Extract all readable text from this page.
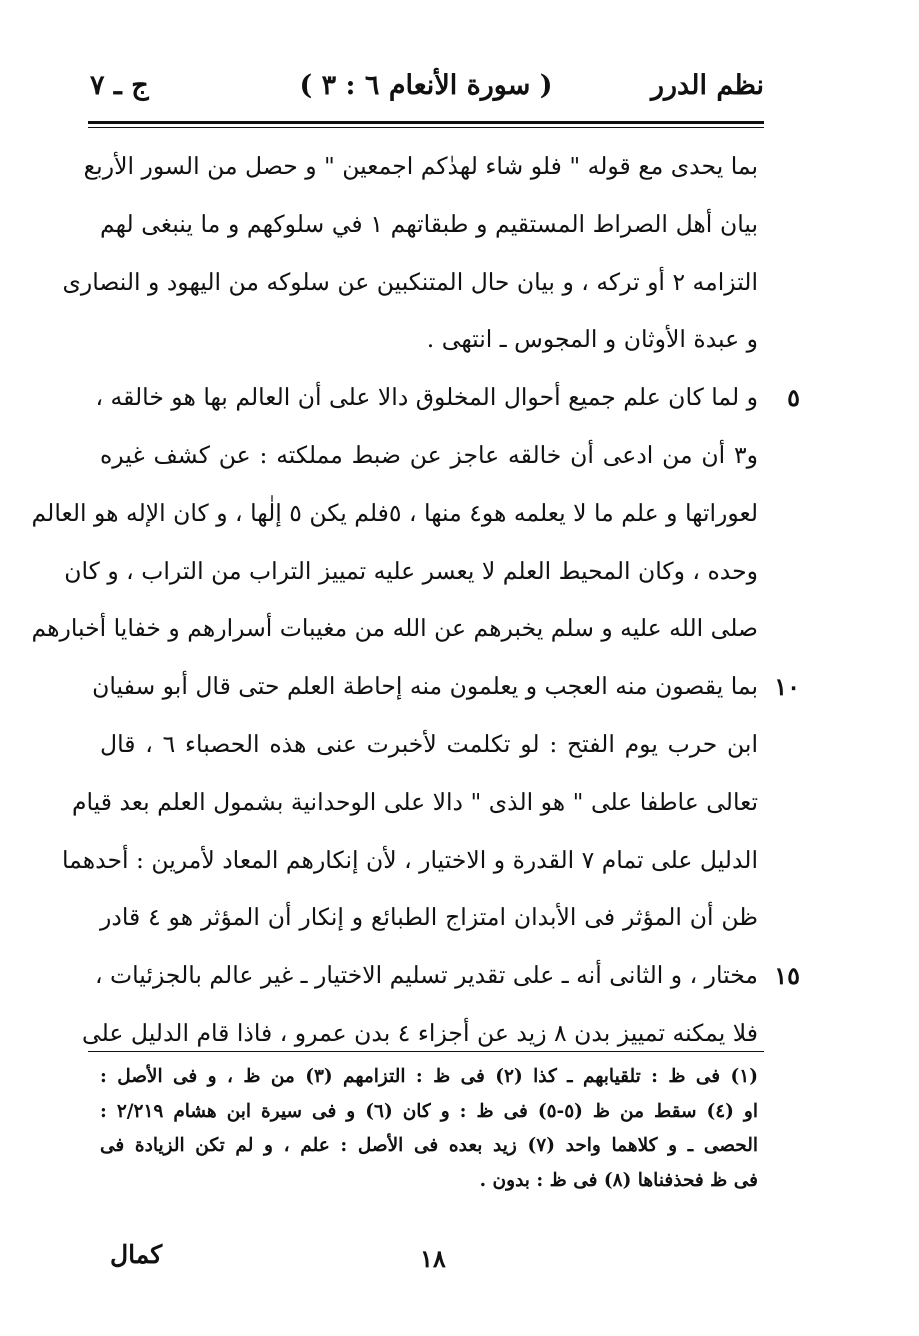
نظم الدرر
( سورة الأنعام ٦ : ٣ )
ج ـ ٧
بما يحدى مع قوله " فلو شاء لهدٰكم اجمعين " و حصل من السور الأربع
بيان أهل الصراط المستقيم و طبقاتهم ١ في سلوكهم و ما ينبغى لهم
التزامه ٢ أو تركه ، و بيان حال المتنكبين عن سلوكه من اليهود و النصارى
و عبدة الأوثان و المجوس ـ انتهى .
٥
و لما كان علم جميع أحوال المخلوق دالا على أن العالم بها هو خالقه ،
و٣ أن من ادعى أن خالقه عاجز عن ضبط مملكته : عن كشف غيره
لعوراتها و علم ما لا يعلمه هو٤ منها ، ٥فلم يكن ٥ إلٰها ، و كان الإله هو العالم
وحده ، وكان المحيط العلم لا يعسر عليه تمييز التراب من التراب ، و كان
صلى الله عليه و سلم يخبرهم عن الله من مغيبات أسرارهم و خفايا أخبارهم
١٠
بما يقصون منه العجب و يعلمون منه إحاطة العلم حتى قال أبو سفيان
ابن حرب يوم الفتح : لو تكلمت لأخبرت عنى هذه الحصباء ٦ ، قال
تعالى عاطفا على " هو الذى " دالا على الوحدانية بشمول العلم بعد قيام
الدليل على تمام ٧ القدرة و الاختيار ، لأن إنكارهم المعاد لأمرين : أحدهما
ظن أن المؤثر فى الأبدان امتزاج الطبائع و إنكار أن المؤثر هو ٤ قادر
١٥
مختار ، و الثانى أنه ـ على تقدير تسليم الاختيار ـ غير عالم بالجزئيات ،
فلا يمكنه تمييز بدن ٨ زيد عن أجزاء ٤ بدن عمرو ، فاذا قام الدليل على
(١) فى ظ : تلقيابهم ـ كذا (٢) فى ظ : التزامهم (٣) من ظ ، و فى الأصل :
او (٤) سقط من ظ (٥-٥) فى ظ : و كان (٦) و فى سيرة ابن هشام ٢/٢١٩ :
الحصى ـ و كلاهما واحد (٧) زيد بعده فى الأصل : علم ، و لم تكن الزيادة فى
فى ظ فحذفناها (٨) فى ظ : بدون .
١٨
كمال
